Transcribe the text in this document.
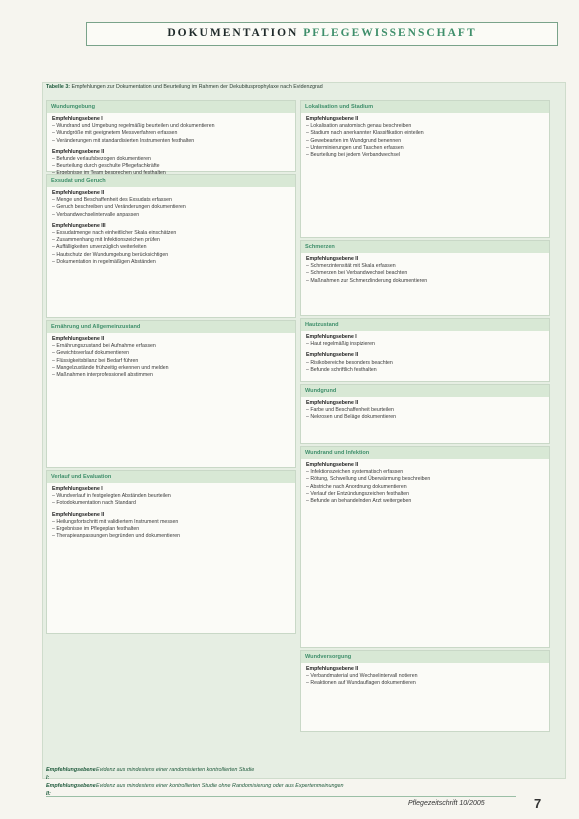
DOKUMENTATION PFLEGEWISSENSCHAFT
Tabelle 3: Empfehlungen zur Dokumentation und Beurteilung im Rahmen der Dekubitusprophylaxe nach Evidenzgrad
Wundumgebung
Empfehlungsebene I
– Wundrand und Umgebung regelmäßig beurteilen und dokumentieren
– Wundgröße mit geeignetem Messverfahren erfassen
– Veränderungen mit standardisierten Instrumenten festhalten
Empfehlungsebene II
– Befunde verlaufsbezogen dokumentieren
– Beurteilung durch geschulte Pflegefachkräfte
–
Exsudat und Geruch
Empfehlungsebene II
– Menge und Beschaffenheit des Exsudats erfassen
– Geruch beschreiben und Veränderungen dokumentieren
– Verbandwechselintervalle anpassen
Empfehlungsebene III
– Exsudatmenge nach einheitlicher Skala einschätzen
– Zusammenhang mit Infektionszeichen prüfen
– Auffälligkeiten unverzüglich weiterleiten
– Hautschutz der Wundumgebung berücksichtigen
– Dokumentation in regelmäßigen Abständen
Ernährung und Allgemeinzustand
Empfehlungsebene II
– Ernährungszustand bei Aufnahme erfassen
– Gewichtsverlauf dokumentieren
– Flüssigkeitsbilanz bei Bedarf führen
– Mangelzustände frühzeitig erkennen und melden
– Maßnahmen interprofessionell abstimmen
Verlauf und Evaluation
Empfehlungsebene I
– Wundverlauf in festgelegten Abständen beurteilen
– Fotodokumentation nach Standard
Empfehlungsebene II
– Heilungsfortschritt mit validiertem Instrument messen
– Ergebnisse im Pflegeplan festhalten
– Therapieanpassungen begründen und dokumentieren
Lokalisation und Stadium
Empfehlungsebene II
– Lokalisation anatomisch genau beschreiben
– Stadium nach anerkannter Klassifikation einteilen
– Gewebearten im Wundgrund benennen
– Unterminierungen und Taschen erfassen
– Beurteilung bei jedem Verbandwechsel
Schmerzen
Empfehlungsebene II
– Schmerzintensität mit Skala erfassen
– Schmerzen bei Verbandwechsel beachten
– Maßnahmen zur Schmerzlinderung dokumentieren
Hautzustand
Empfehlungsebene I
– Haut regelmäßig inspizieren
Empfehlungsebene II
– Risikobereiche besonders beachten
– Befunde schriftlich festhalten
Wundgrund
Empfehlungsebene II
– Farbe und Beschaffenheit beurteilen
– Nekrosen und Beläge dokumentieren
Wundrand und Infektion
Empfehlungsebene II
– Infektionszeichen systematisch erfassen
– Rötung, Schwellung und Überwärmung beschreiben
– Abstriche nach Anordnung dokumentieren
– Verlauf der Entzündungszeichen festhalten
– Befunde an behandelnden Arzt weitergeben
Wundversorgung
Empfehlungsebene II
– Verbandmaterial und Wechselintervall notieren
– Reaktionen auf Wundauflagen dokumentieren
Empfehlungsebene I:
Evidenz aus mindestens einer randomisierten kontrollierten Studie
Empfehlungsebene II:
Evidenz aus mindestens einer kontrollierten Studie ohne Randomisierung oder aus Expertenmeinungen
Pflegezeitschrift 10/2005	7
